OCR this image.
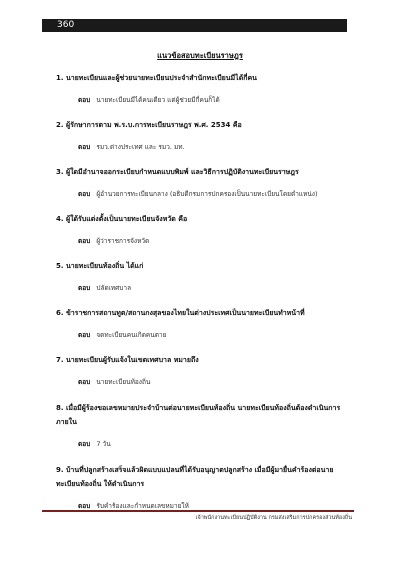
360
แนวข้อสอบทะเบียนราษฎร

1. นายทะเบียนและผู้ช่วยนายทะเบียนประจำสำนักทะเบียนมีได้กี่คน

ตอบ นายทะเบียนมีได้คนเดียว แต่ผู้ช่วยมีกี่คนก็ได้

2. ผู้รักษาการตาม พ.ร.บ.การทะเบียนราษฎร พ.ศ. 2534 คือ

ตอบ รมว.ต่างประเทศ และ รมว. มท.

3. ผู้ใดมีอำนาจออกระเบียบกำหนดแบบพิมพ์ และวิธีการปฏิบัติงานทะเบียนราษฎร

ตอบ ผู้อำนวยการทะเบียนกลาง (อธิบดีกรมการปกครองเป็นนายทะเบียนโดยตำแหน่ง)

4. ผู้ใด้รับแต่งตั้งเป็นนายทะเบียนจังหวัด คือ

ตอบ ผู้ว่าราชการจังหวัด

5. นายทะเบียนท้องถิ่น ได้แก่

ตอบ ปลัดเทศบาล

6. ข้าราชการสถานทูต/สถานกงสุลของไทยในต่างประเทศเป็นนายทะเบียนทำหน้าที่

ตอบ จดทะเบียนคนเกิดคนตาย

7. นายทะเบียนผู้รับแจ้งในเขตเทศบาล หมายถึง

ตอบ นายทะเบียนท้องถิ่น

8. เมื่อมีผู้ร้องขอเลขหมายประจำบ้านต่อนายทะเบียนท้องถิ่น นายทะเบียนท้องถิ่นต้องดำเนินการภายใน

ตอบ 7 วัน

9. บ้านที่ปลูกสร้างเสร็จแล้วผิดแบบแปลนที่ได้รับอนุญาตปลูกสร้าง เมื่อมีผู้มายื่นคำร้องต่อนายทะเบียนท้องถิ่น ให้ดำเนินการ

ตอบ รับคำร้องและกำหนดเลขหมายให้

เจ้าพนักงานทะเบียนปฏิบัติงาน กรมส่งเสริมการปกครองส่วนท้องถิ่น
